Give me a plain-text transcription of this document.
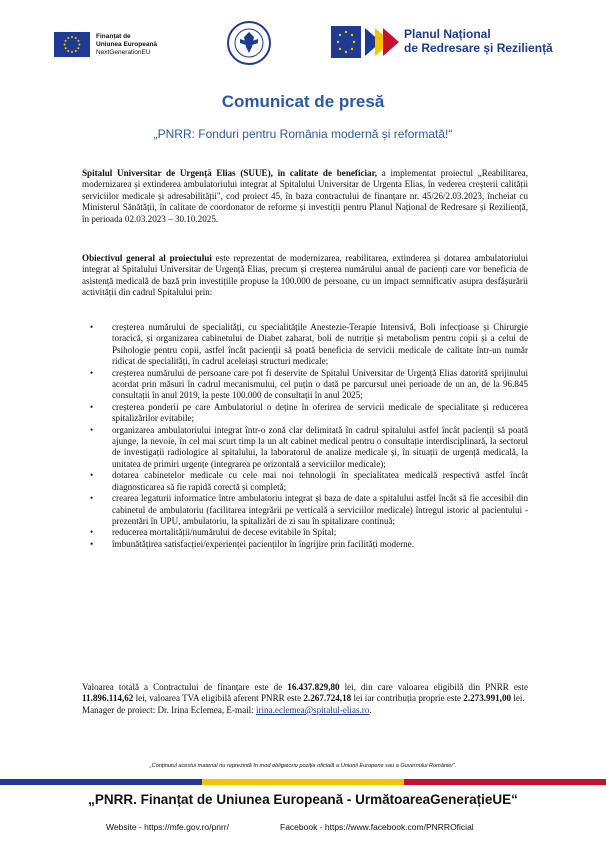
Finanțat de
Uniunea Europeană
NextGenerationEU
Planul Național
de Redresare și Reziliență
Comunicat de presă
„PNRR: Fonduri pentru România modernă și reformată!“
Spitalul Universitar de Urgență Elias (SUUE), în calitate de beneficiar, a implementat proiectul „Reabilitarea, modernizarea și extinderea ambulatoriului integrat al Spitalului Universitar de Urgenta Elias, în vederea creșterii calității serviciilor medicale și adresabilității", cod proiect 45, în baza contractului de finanțare nr. 45/26/2.03.2023, încheiat cu Ministerul Sănătății, în calitate de coordonator de reforme și investiții pentru Planul Național de Redresare și Reziliență, în perioada 02.03.2023 – 30.10.2025.
Obiectivul general al proiectului este reprezentat de modernizarea, reabilitarea, extinderea și dotarea ambulatoriului integrat al Spitalului Universitar de Urgență Elias, precum și creșterea numărului anual de pacienți care vor beneficia de asistență medicală de bază prin investițiile propuse la 100.000 de persoane, cu un impact semnificativ asupra desfășurării activității din cadrul Spitalului prin:
• creșterea numărului de specialități, cu specialitățile Anestezie-Terapie Intensivă, Boli infecțioase și Chirurgie toracică, și organizarea cabinetului de Diabet zaharat, boli de nutriție și metabolism pentru copii și a celui de Psihologie pentru copii, astfel încât pacienții să poată beneficia de servicii medicale de calitate într-un număr ridicat de specialități, în cadrul aceleiași structuri medicale;
• creșterea numărului de persoane care pot fi deservite de Spitalul Universitar de Urgență Elias datorită sprijinului acordat prin măsuri în cadrul mecanismului, cel puțin o dată pe parcursul unei perioade de un an, de la 96.845 consultații în anul 2019, la peste 100.000 de consultații în anul 2025;
• creșterea ponderii pe care Ambulatoriul o deține în oferirea de servicii medicale de specialitate și reducerea spitalizărilor evitabile;
• organizarea ambulatoriului integrat într-o zonă clar delimitată în cadrul spitalului astfel încât pacienții să poată ajunge, la nevoie, în cel mai scurt timp la un alt cabinet medical pentru o consultație interdisciplinară, la sectorul de investigații radiologice al spitalului, la laboratorul de analize medicale și, în situații de urgență medicală, la unitatea de primiri urgențe (integrarea pe orizontală a serviciilor medicale);
• dotarea cabinetelor medicale cu cele mai noi tehnologii în specialitatea medicală respectivă astfel încât diagnosticarea să fie rapidă corectă și completă;
• crearea legaturii informatice între ambulatoriu integrat și baza de date a spitalului astfel încât să fie accesibil din cabinetul de ambulatoriu (facilitarea integrării pe verticală a serviciilor medicale) întregul istoric al pacientului - prezentări în UPU, ambulatoriu, la spitalizări de zi sau în spitalizare continuă;
• reducerea mortalității/numărului de decese evitabile în Spital;
• îmbunătățirea satisfacției/experienței pacienților în îngrijire prin facilități moderne.
Valoarea totală a Contractului de finanțare este de 16.437.829,80 lei, din care valoarea eligibilă din PNRR este 11.896.114,62 lei, valoarea TVA eligibilă aferent PNRR este 2.267.724,18 lei iar contribuția proprie este 2.273.991,00 lei.
Manager de proiect: Dr. Irina Eclemea, E-mail: irina.eclemea@spitalul-elias.ro.
„Conținutul acestui material nu reprezintă în mod obligatoriu poziția oficială a Uniunii Europene sau a Guvernului României".
„PNRR. Finanțat de Uniunea Europeană - UrmătoareaGenerațieUE“
Website - https://mfe.gov.ro/pnrr/	Facebook - https://www.facebook.com/PNRROficial
